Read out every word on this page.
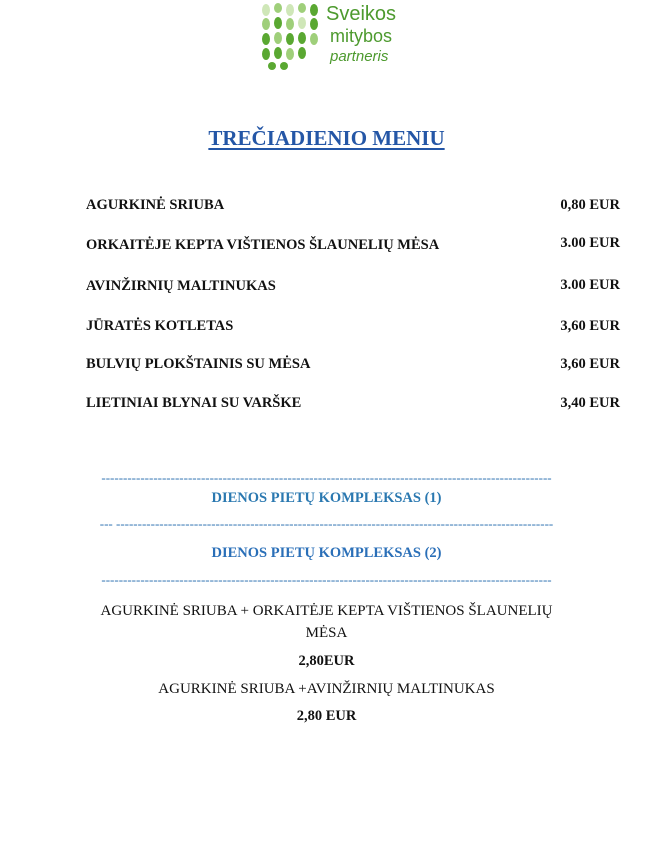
Sveikos
mitybos
partneris
TREČIADIENIO MENIU
AGURKINĖ SRIUBA	0,80 EUR
ORKAITĖJE KEPTA VIŠTIENOS ŠLAUNELIŲ MĖSA	3.00 EUR
AVINŽIRNIŲ MALTINUKAS	3.00 EUR
JŪRATĖS KOTLETAS	3,60 EUR
BULVIŲ PLOKŠTAINIS SU MĖSA	3,60 EUR
LIETINIAI BLYNAI SU VARŠKE	3,40 EUR
--------------------------------------------------------------------------------------------------------
DIENOS PIETŲ KOMPLEKSAS (1)
--- -----------------------------------------------------------------------------------------------------
DIENOS PIETŲ KOMPLEKSAS (2)
--------------------------------------------------------------------------------------------------------
AGURKINĖ SRIUBA + ORKAITĖJE KEPTA VIŠTIENOS ŠLAUNELIŲ
MĖSA
2,80EUR
AGURKINĖ SRIUBA +AVINŽIRNIŲ MALTINUKAS
2,80 EUR
